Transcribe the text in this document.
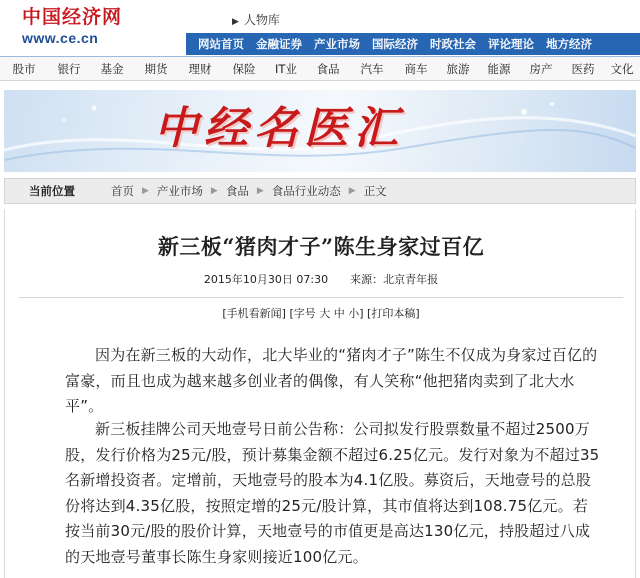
中国经济网
www.ce.cn
▶ 人物库
网站首页	金融证券	产业市场	国际经济	时政社会	评论理论	地方经济
股市	银行	基金	期货	理财	保险	IT业	食品	汽车	商车	旅游	能源	房产	医药	文化
中经名医汇
当前位置	首页 ▶ 产业市场 ▶ 食品 ▶ 食品行业动态 ▶ 正文
新三板“猪肉才子”陈生身家过百亿
2015年10月30日 07:30 来源：北京青年报
[手机看新闻] [字号 大 中 小] [打印本稿]

因为在新三板的大动作，北大毕业的“猪肉才子”陈生不仅成为身家过百亿的富豪，而且也成为越来越多创业者的偶像，有人笑称“他把猪肉卖到了北大水平”。

新三板挂牌公司天地壹号日前公告称：公司拟发行股票数量不超过2500万股，发行价格为25元/股，预计募集金额不超过6.25亿元。发行对象为不超过35名新增投资者。定增前，天地壹号的股本为4.1亿股。募资后，天地壹号的总股份将达到4.35亿股，按照定增的25元/股计算，其市值将达到108.75亿元。若按当前30元/股的股价计算，天地壹号的市值更是高达130亿元，持股超过八成的天地壹号董事长陈生身家则接近100亿元。
